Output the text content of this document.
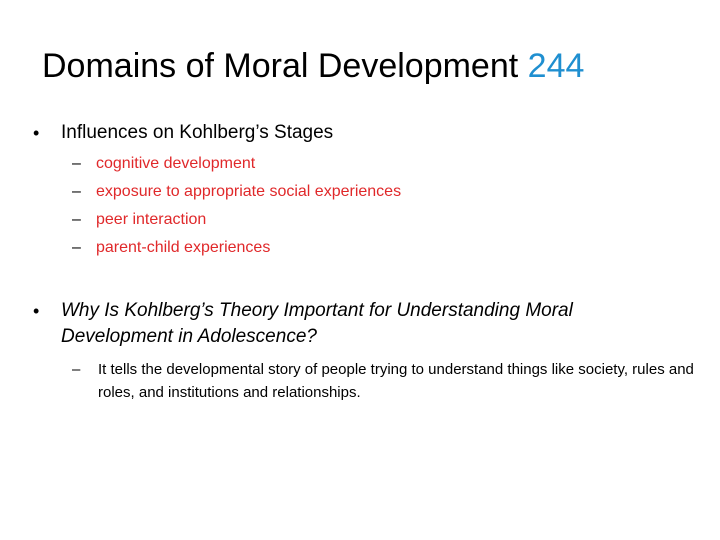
Domains of Moral Development 244
•	Influences on Kohlberg’s Stages
– cognitive development
– exposure to appropriate social experiences
– peer interaction
– parent-child experiences
•	Why Is Kohlberg’s Theory Important for Understanding Moral Development in Adolescence?
–	It tells the developmental story of people trying to understand things like society, rules and roles, and institutions and relationships.
